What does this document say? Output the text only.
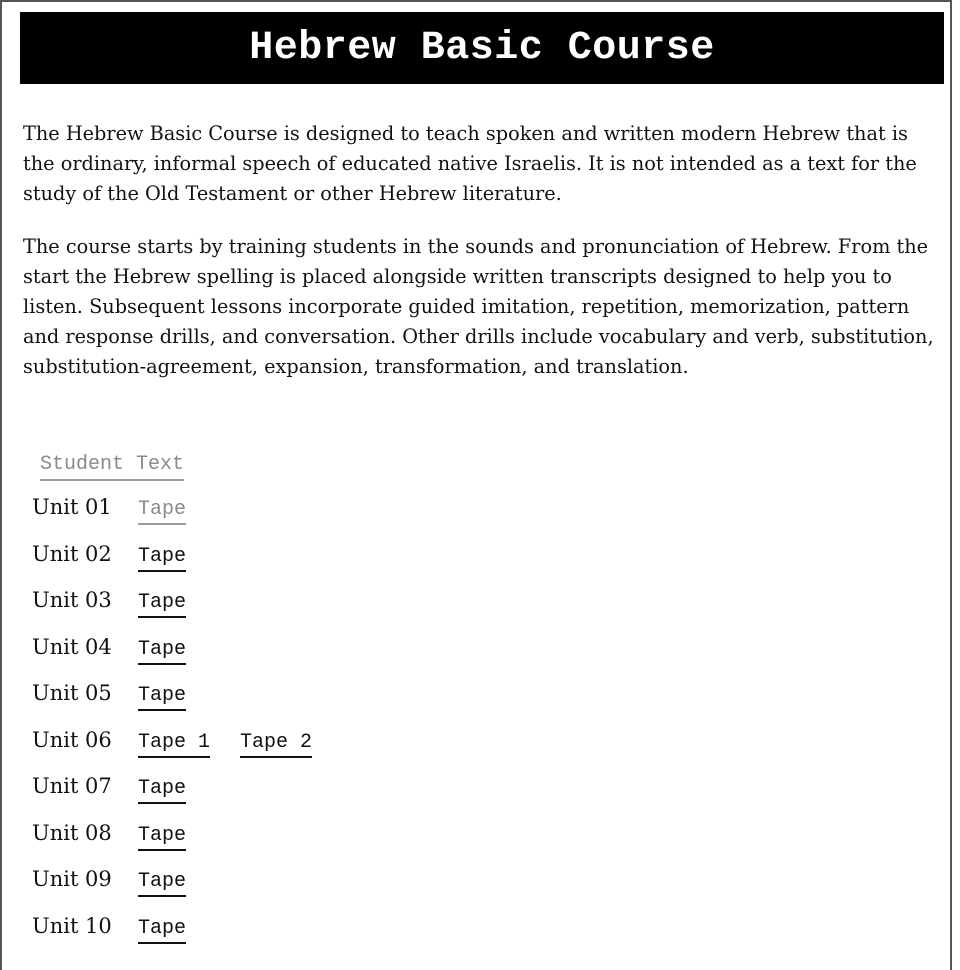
Hebrew Basic Course

The Hebrew Basic Course is designed to teach spoken and written modern Hebrew that is the ordinary, informal speech of educated native Israelis. It is not intended as a text for the study of the Old Testament or other Hebrew literature.

The course starts by training students in the sounds and pronunciation of Hebrew. From the start the Hebrew spelling is placed alongside written transcripts designed to help you to listen. Subsequent lessons incorporate guided imitation, repetition, memorization, pattern and response drills, and conversation. Other drills include vocabulary and verb, substitution, substitution-agreement, expansion, transformation, and translation.

Student Text
Unit 01	Tape
Unit 02	Tape
Unit 03	Tape
Unit 04	Tape
Unit 05	Tape
Unit 06	Tape 1 Tape 2
Unit 07	Tape
Unit 08	Tape
Unit 09	Tape
Unit 10	Tape
